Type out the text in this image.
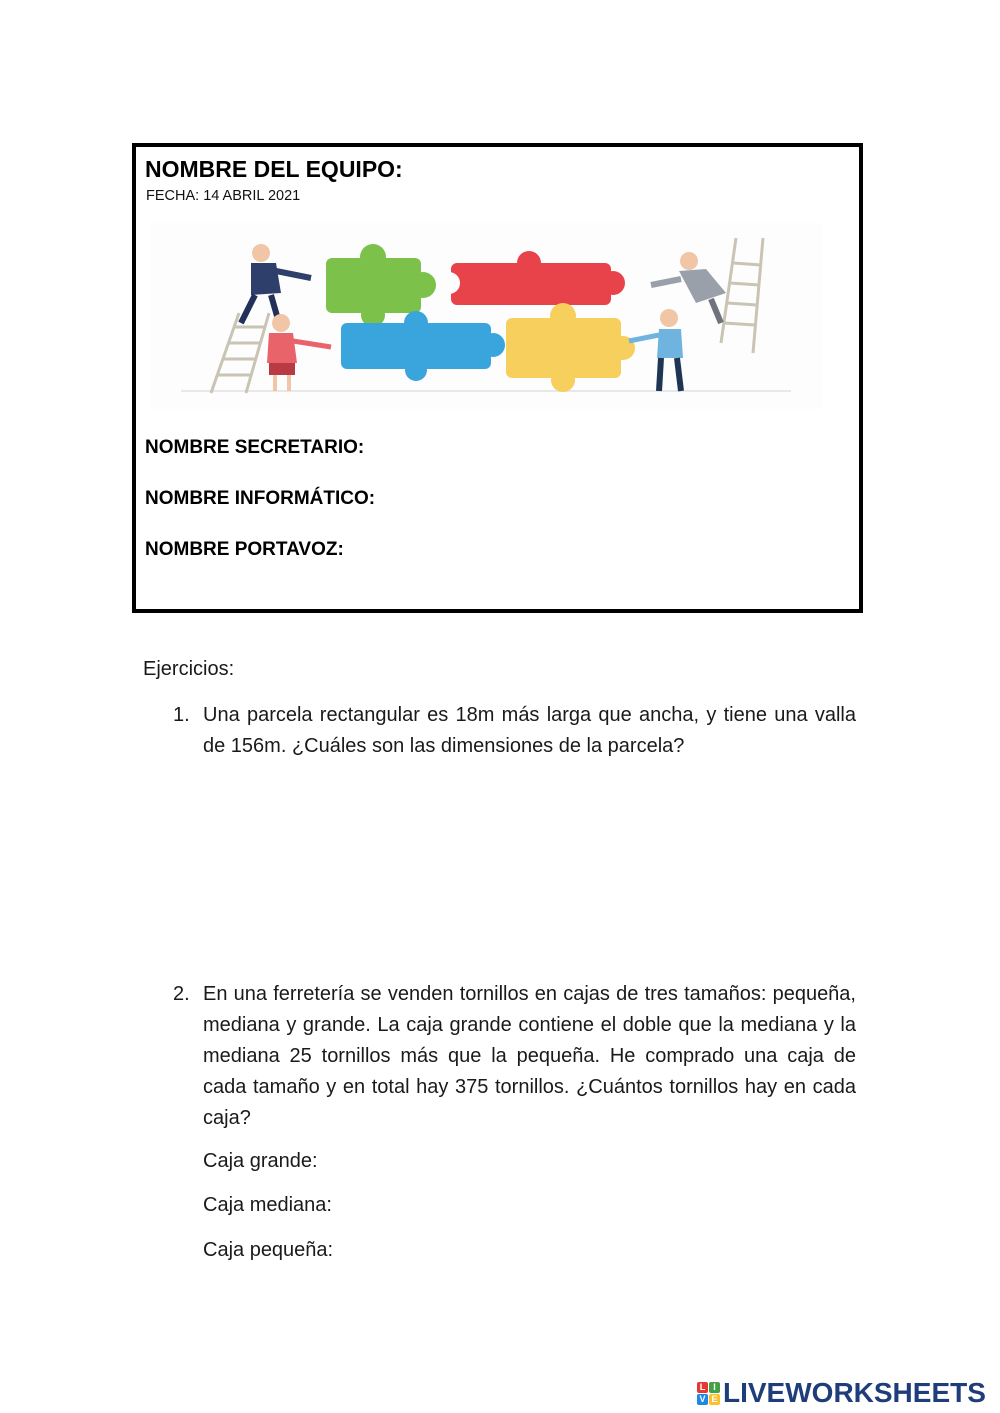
NOMBRE DEL EQUIPO:
FECHA: 14 ABRIL 2021
NOMBRE SECRETARIO:
NOMBRE INFORMÁTICO:
NOMBRE PORTAVOZ:
Ejercicios:
1. Una parcela rectangular es 18m más larga que ancha, y tiene una valla de 156m. ¿Cuáles son las dimensiones de la parcela?
2. En una ferretería se venden tornillos en cajas de tres tamaños: pequeña, mediana y grande. La caja grande contiene el doble que la mediana y la mediana 25 tornillos más que la pequeña. He comprado una caja de cada tamaño y en total hay 375 tornillos. ¿Cuántos tornillos hay en cada caja?
Caja grande:
Caja mediana:
Caja pequeña:
L I
V E LIVEWORKSHEETS
